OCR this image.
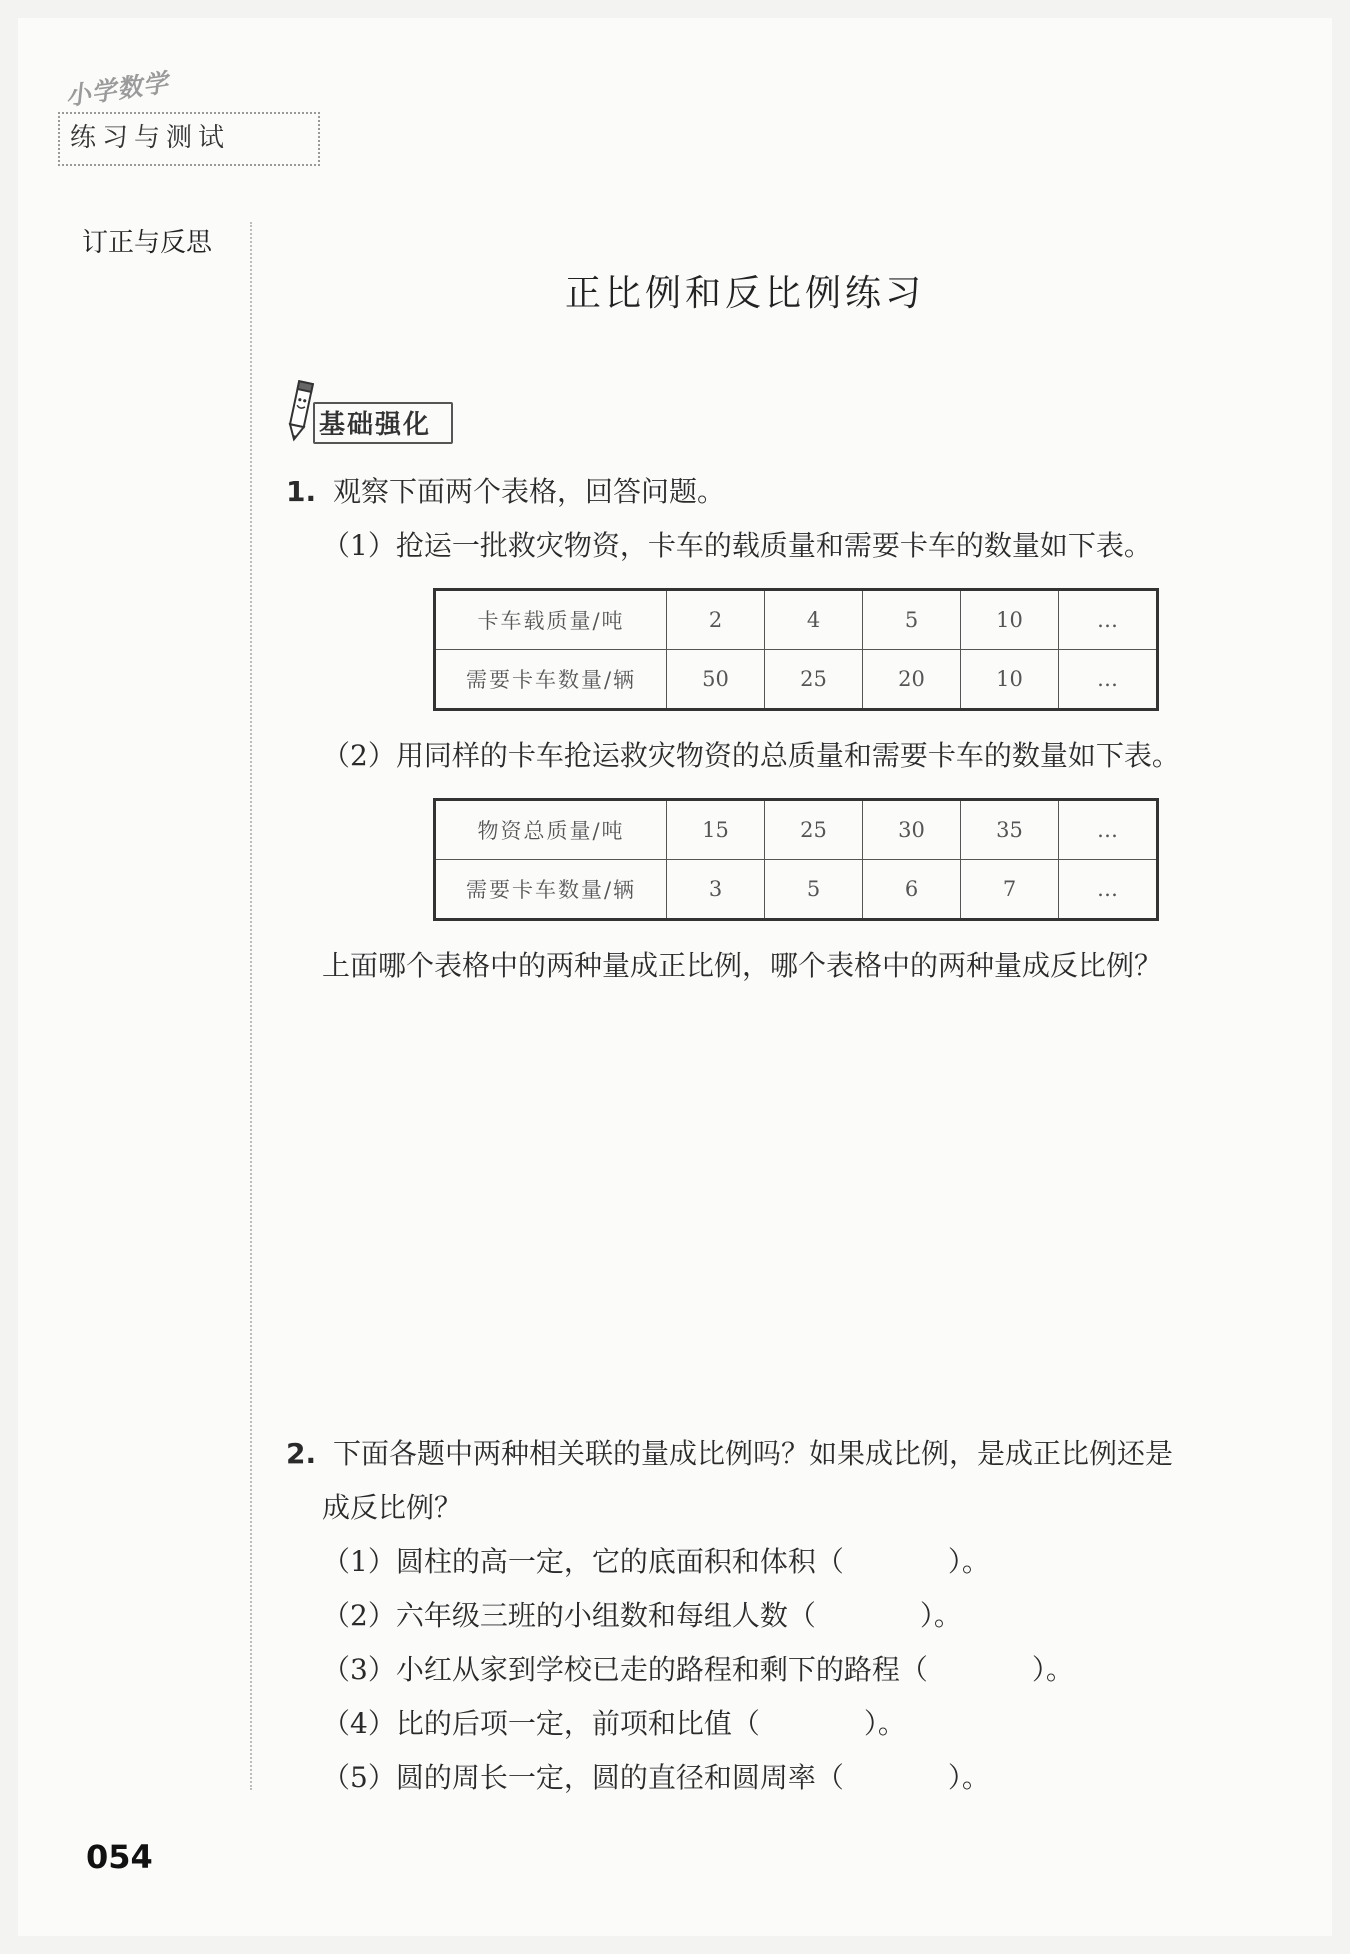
小学数学
练习与测试
订正与反思
正比例和反比例练习
基础强化
1. 观察下面两个表格，回答问题。
（1）抢运一批救灾物资，卡车的载质量和需要卡车的数量如下表。
卡车载质量/吨	2	4	5	10	…
需要卡车数量/辆	50	25	20	10	…
（2）用同样的卡车抢运救灾物资的总质量和需要卡车的数量如下表。
物资总质量/吨	15	25	30	35	…
需要卡车数量/辆	3	5	6	7	…
上面哪个表格中的两种量成正比例，哪个表格中的两种量成反比例？
2. 下面各题中两种相关联的量成比例吗？如果成比例，是成正比例还是
成反比例？
（1）圆柱的高一定，它的底面积和体积（	）。
（2）六年级三班的小组数和每组人数（	）。
（3）小红从家到学校已走的路程和剩下的路程（	）。
（4）比的后项一定，前项和比值（	）。
（5）圆的周长一定，圆的直径和圆周率（	）。
054
